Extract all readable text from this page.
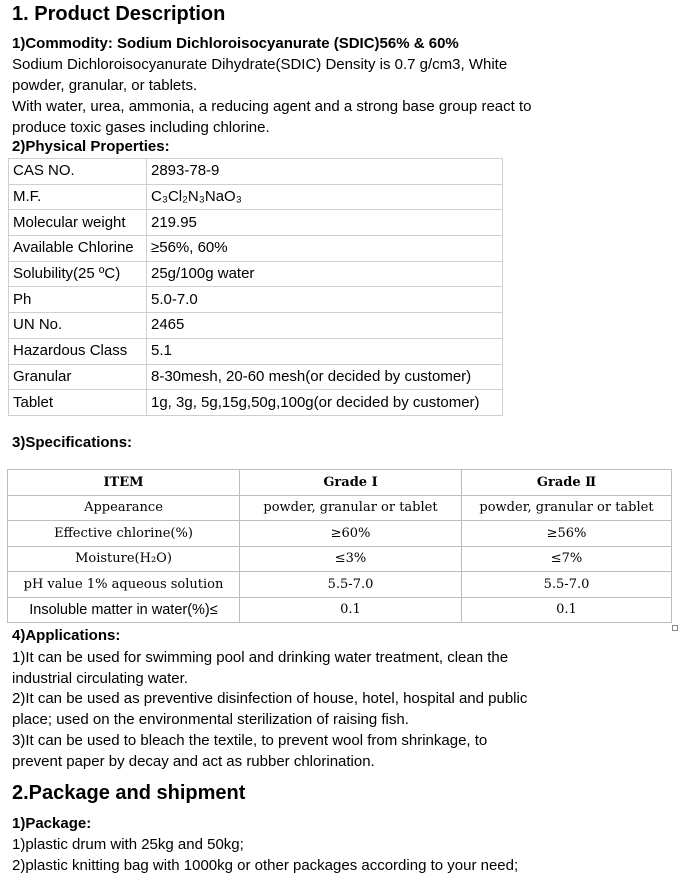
1. Product Description
1)Commodity: Sodium Dichloroisocyanurate (SDIC)56% & 60%
Sodium Dichloroisocyanurate Dihydrate(SDIC) Density is 0.7 g/cm3, White
powder, granular, or tablets.
With water, urea, ammonia, a reducing agent and a strong base group react to
produce toxic gases including chlorine.
2)Physical Properties:
CAS NO.	2893-78-9
M.F.	C₃Cl₂N₃NaO₃
Molecular weight	219.95
Available Chlorine	≥56%, 60%
Solubility(25 ºC)	25g/100g water
Ph	5.0-7.0
UN No.	2465
Hazardous Class	5.1
Granular	8-30mesh, 20-60 mesh(or decided by customer)
Tablet	1g, 3g, 5g,15g,50g,100g(or decided by customer)
3)Specifications:
ITEM	Grade I	Grade Ⅱ
Appearance	powder, granular or tablet	powder, granular or tablet
Effective chlorine(%)	≥60%	≥56%
Moisture(H₂O)	≤3%	≤7%
pH value 1% aqueous solution	5.5-7.0	5.5-7.0
Insoluble matter in water(%)≤	0.1	0.1
4)Applications:
1)It can be used for swimming pool and drinking water treatment, clean the
industrial circulating water.
2)It can be used as preventive disinfection of house, hotel, hospital and public
place; used on the environmental sterilization of raising fish.
3)It can be used to bleach the textile, to prevent wool from shrinkage, to
prevent paper by decay and act as rubber chlorination.
2.Package and shipment
1)Package:
1)plastic drum with 25kg and 50kg;
2)plastic knitting bag with 1000kg or other packages according to your need;
